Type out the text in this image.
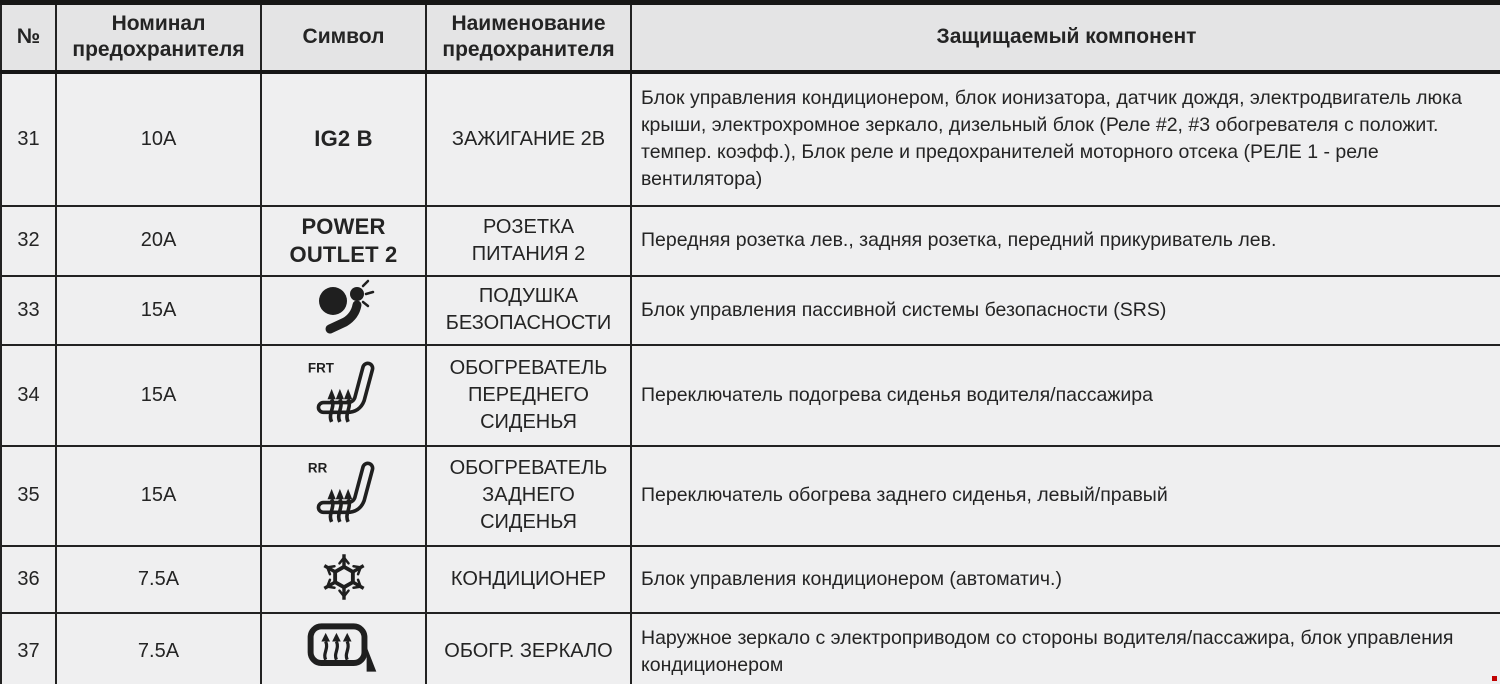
№	Номинал предохранителя	Символ	Наименование предохранителя	Защищаемый компонент
31	10А	IG2 B	ЗАЖИГАНИЕ 2В	Блок управления кондиционером, блок ионизатора, датчик дождя, электродвигатель люка крыши, электрохромное зеркало, дизельный блок (Реле #2, #3 обогревателя с положит. темпер. коэфф.), Блок реле и предохранителей моторного отсека (РЕЛЕ 1 - реле вентилятора)
32	20А	POWER OUTLET 2	РОЗЕТКА ПИТАНИЯ 2	Передняя розетка лев., задняя розетка, передний прикуриватель лев.
33	15А		ПОДУШКА БЕЗОПАСНОСТИ	Блок управления пассивной системы безопасности (SRS)
34	15А	FRT	ОБОГРЕВАТЕЛЬ ПЕРЕДНЕГО СИДЕНЬЯ	Переключатель подогрева сиденья водителя/пассажира
35	15А	RR	ОБОГРЕВАТЕЛЬ ЗАДНЕГО СИДЕНЬЯ	Переключатель обогрева заднего сиденья, левый/правый
36	7.5А		КОНДИЦИОНЕР	Блок управления кондиционером (автоматич.)
37	7.5А		ОБОГР. ЗЕРКАЛО	Наружное зеркало с электроприводом со стороны водителя/пассажира, блок управления кондиционером
